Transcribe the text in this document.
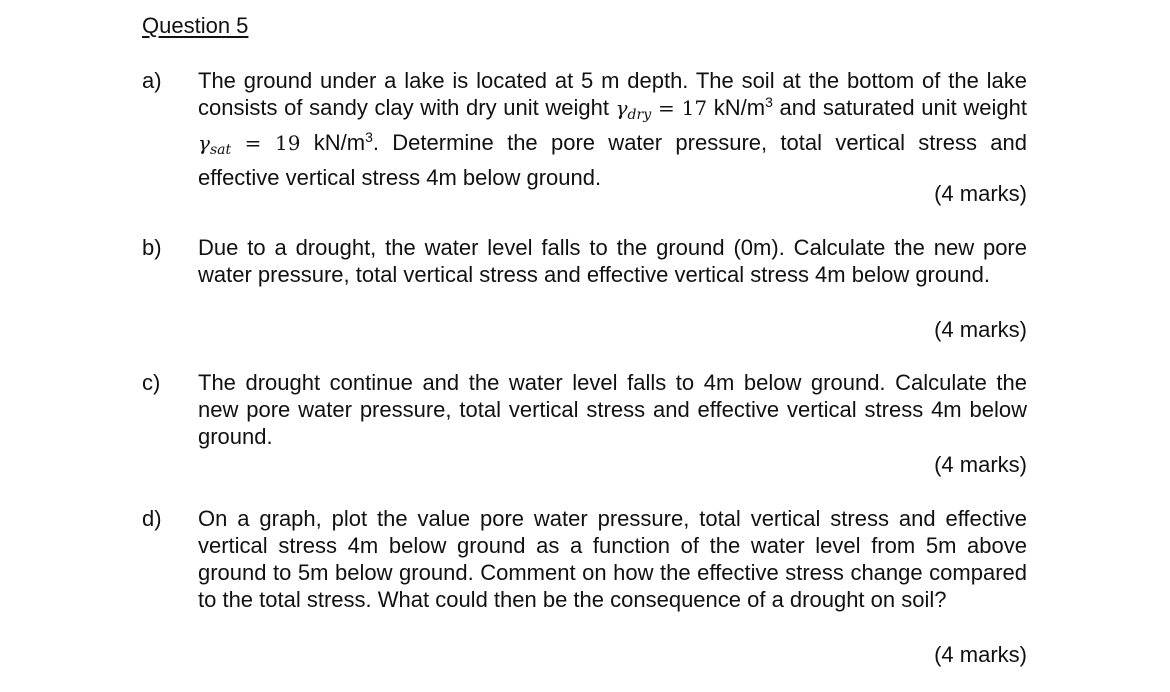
Question 5
a) The ground under a lake is located at 5 m depth. The soil at the bottom of the lake consists of sandy clay with dry unit weight $\gamma_{dry} = 17$ $kN/m^3$ and saturated unit weight $\gamma_{sat} = 19$ $kN/m^3$. Determine the pore water pressure, total vertical stress and effective vertical stress 4m below ground.
(4 marks)
b) Due to a drought, the water level falls to the ground (0m). Calculate the new pore water pressure, total vertical stress and effective vertical stress 4m below ground.
(4 marks)
c) The drought continue and the water level falls to 4m below ground. Calculate the new pore water pressure, total vertical stress and effective vertical stress 4m below ground.
(4 marks)
d) On a graph, plot the value pore water pressure, total vertical stress and effective vertical stress 4m below ground as a function of the water level from 5m above ground to 5m below ground. Comment on how the effective stress change compared to the total stress. What could then be the consequence of a drought on soil?
(4 marks)
